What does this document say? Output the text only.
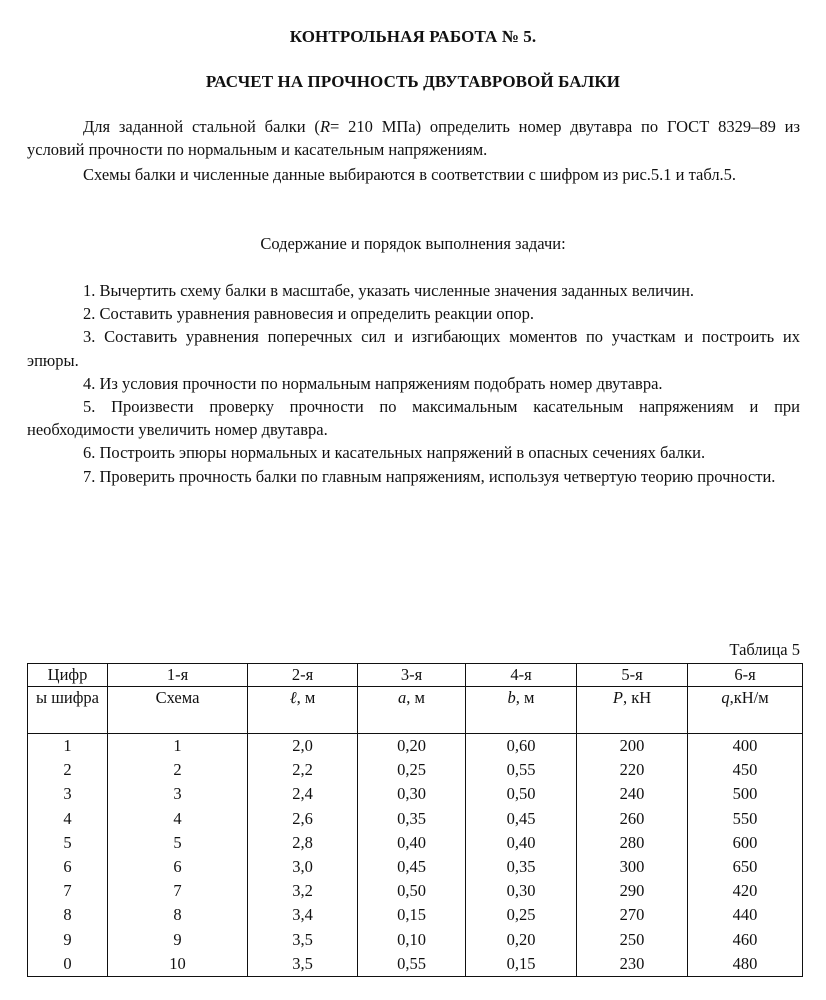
КОНТРОЛЬНАЯ РАБОТА № 5.
РАСЧЕТ НА ПРОЧНОСТЬ ДВУТАВРОВОЙ БАЛКИ

Для заданной стальной балки (R= 210 МПа) определить номер двутавра по ГОСТ 8329–89 из условий прочности по нормальным и касательным напряжениям.

Схемы балки и численные данные выбираются в соответствии с шифром из рис.5.1 и табл.5.

Содержание и порядок выполнения задачи:

1. Вычертить схему балки в масштабе, указать численные значения заданных величин.

2. Составить уравнения равновесия и определить реакции опор.

3. Составить уравнения поперечных сил и изгибающих моментов по участкам и построить их эпюры.

4. Из условия прочности по нормальным напряжениям подобрать номер двутавра.

5. Произвести проверку прочности по максимальным касательным напряжениям и при необходимости увеличить номер двутавра.

6. Построить эпюры нормальных и касательных напряжений в опасных сечениях балки.

7. Проверить прочность балки по главным напряжениям, используя четвертую теорию прочности.

Таблица 5
Цифр	1-я	2-я	3-я	4-я	5-я	6-я
ы шифра	Схема	ℓ, м	a, м	b, м	P, кН	q,кН/м
1	1	2,0	0,20	0,60	200	400
2	2	2,2	0,25	0,55	220	450
3	3	2,4	0,30	0,50	240	500
4	4	2,6	0,35	0,45	260	550
5	5	2,8	0,40	0,40	280	600
6	6	3,0	0,45	0,35	300	650
7	7	3,2	0,50	0,30	290	420
8	8	3,4	0,15	0,25	270	440
9	9	3,5	0,10	0,20	250	460
0	10	3,5	0,55	0,15	230	480
